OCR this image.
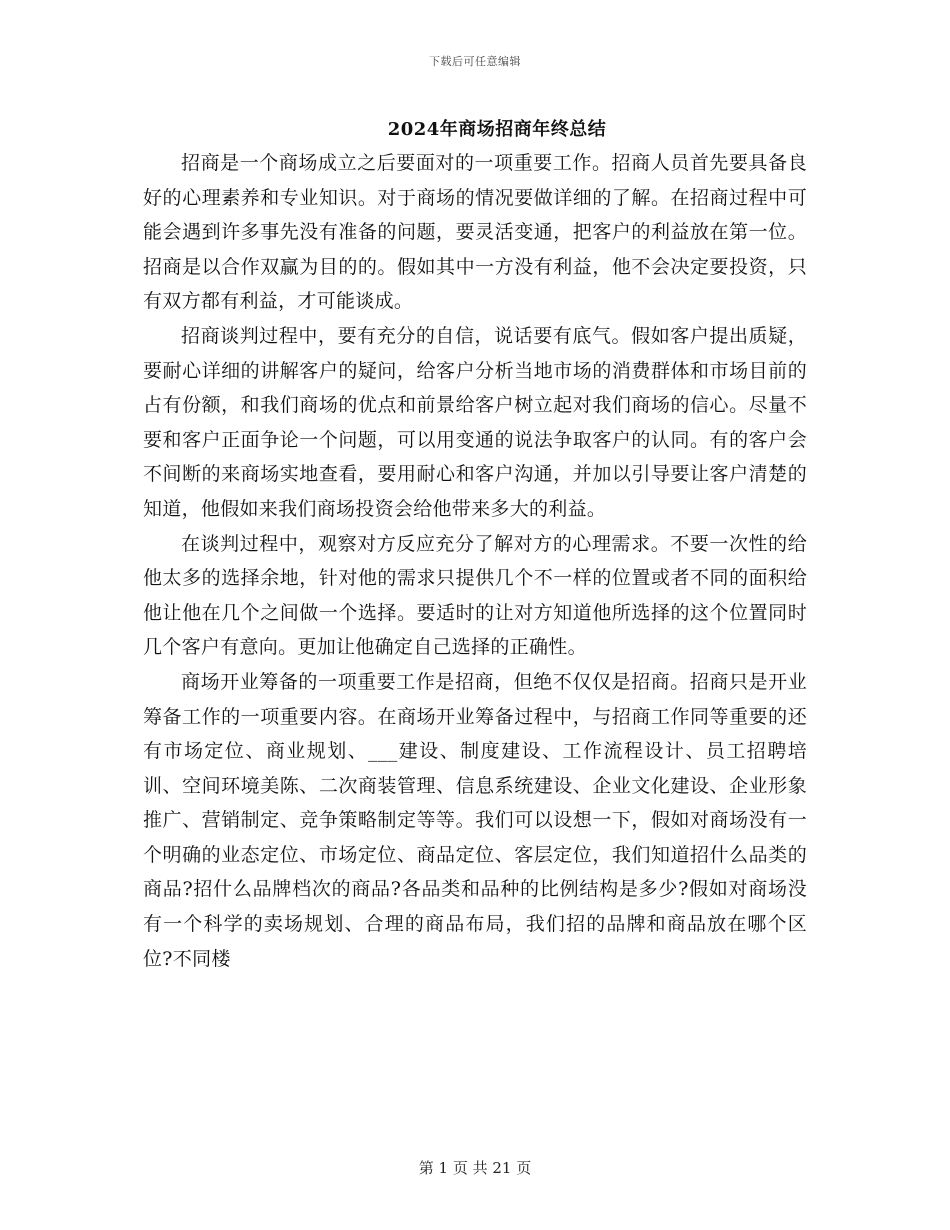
下载后可任意编辑
2024年商场招商年终总结

招商是一个商场成立之后要面对的一项重要工作。招商人员首先要具备良好的心理素养和专业知识。对于商场的情况要做详细的了解。在招商过程中可能会遇到许多事先没有准备的问题，要灵活变通，把客户的利益放在第一位。招商是以合作双赢为目的的。假如其中一方没有利益，他不会决定要投资，只有双方都有利益，才可能谈成。

招商谈判过程中，要有充分的自信，说话要有底气。假如客户提出质疑，要耐心详细的讲解客户的疑问，给客户分析当地市场的消费群体和市场目前的占有份额，和我们商场的优点和前景给客户树立起对我们商场的信心。尽量不要和客户正面争论一个问题，可以用变通的说法争取客户的认同。有的客户会不间断的来商场实地查看，要用耐心和客户沟通，并加以引导要让客户清楚的知道，他假如来我们商场投资会给他带来多大的利益。

在谈判过程中，观察对方反应充分了解对方的心理需求。不要一次性的给他太多的选择余地，针对他的需求只提供几个不一样的位置或者不同的面积给他让他在几个之间做一个选择。要适时的让对方知道他所选择的这个位置同时几个客户有意向。更加让他确定自己选择的正确性。

商场开业筹备的一项重要工作是招商，但绝不仅仅是招商。招商只是开业筹备工作的一项重要内容。在商场开业筹备过程中，与招商工作同等重要的还有市场定位、商业规划、___建设、制度建设、工作流程设计、员工招聘培训、空间环境美陈、二次商装管理、信息系统建设、企业文化建设、企业形象推广、营销制定、竞争策略制定等等。我们可以设想一下，假如对商场没有一个明确的业态定位、市场定位、商品定位、客层定位，我们知道招什么品类的商品?招什么品牌档次的商品?各品类和品种的比例结构是多少?假如对商场没有一个科学的卖场规划、合理的商品布局，我们招的品牌和商品放在哪个区位?不同楼

第 1 页 共 21 页
